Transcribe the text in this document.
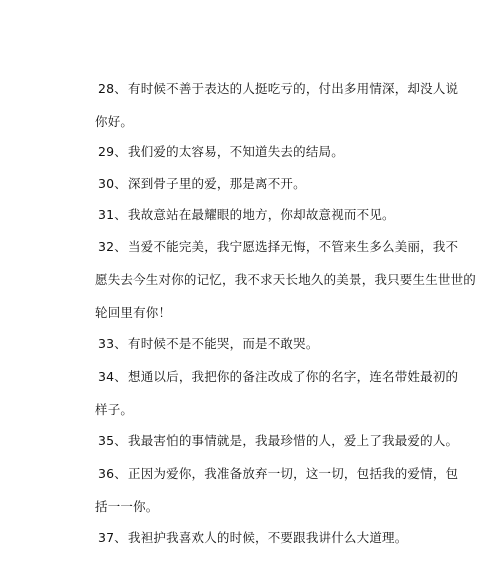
28、有时候不善于表达的人挺吃亏的，付出多用情深，却没人说
你好。
29、我们爱的太容易，不知道失去的结局。
30、深到骨子里的爱，那是离不开。
31、我故意站在最耀眼的地方，你却故意视而不见。
32、当爱不能完美，我宁愿选择无悔，不管来生多么美丽，我不
愿失去今生对你的记忆，我不求天长地久的美景，我只要生生世世的
轮回里有你！
33、有时候不是不能哭，而是不敢哭。
34、想通以后，我把你的备注改成了你的名字，连名带姓最初的
样子。
35、我最害怕的事情就是，我最珍惜的人，爱上了我最爱的人。
36、正因为爱你，我准备放弃一切，这一切，包括我的爱情，包
括一一你。
37、我袒护我喜欢人的时候，不要跟我讲什么大道理。
